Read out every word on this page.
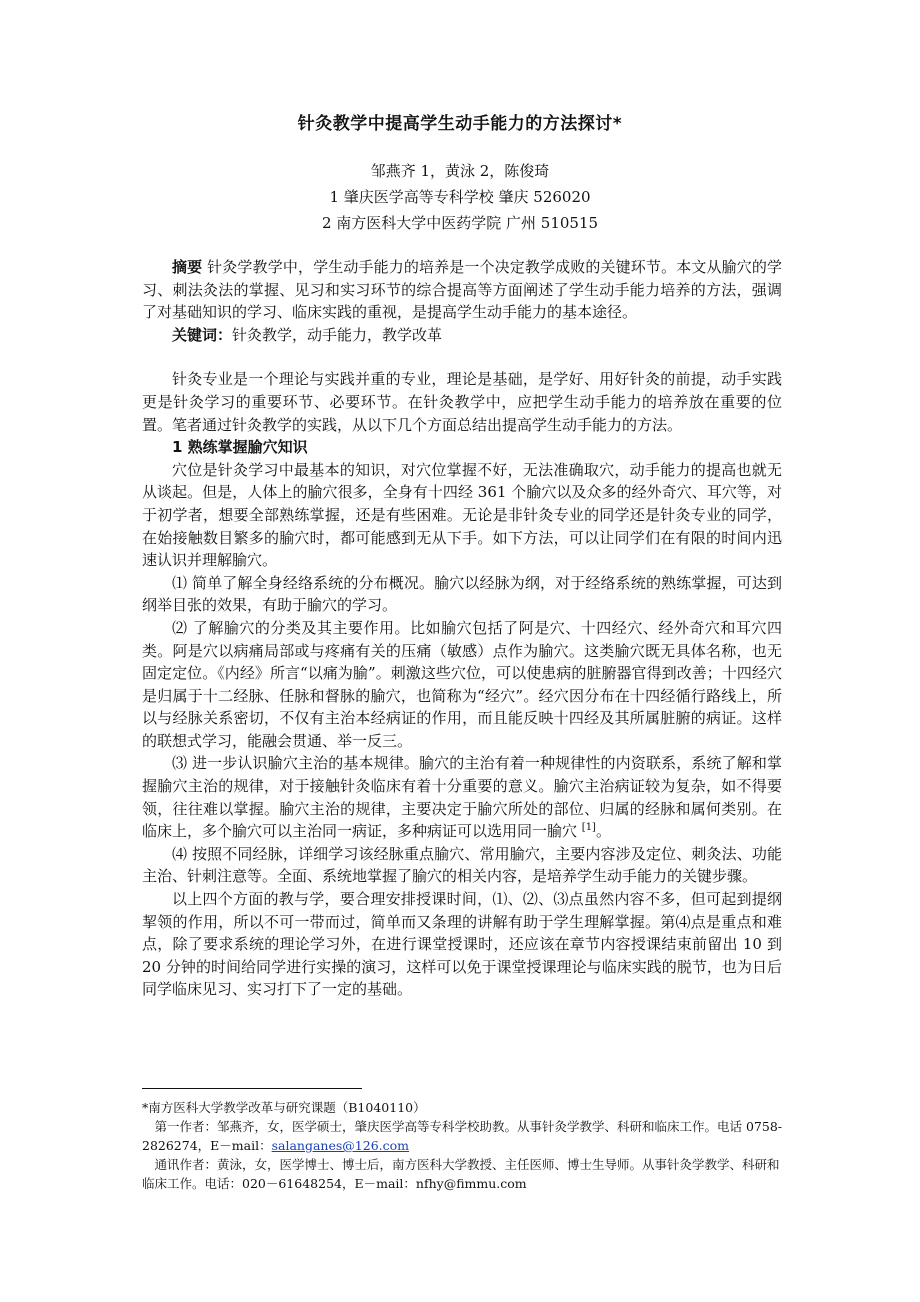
针灸教学中提高学生动手能力的方法探讨*
邹燕齐 1，黄泳 2，陈俊琦
1 肇庆医学高等专科学校 肇庆 526020
2 南方医科大学中医药学院 广州 510515

摘要 针灸学教学中，学生动手能力的培养是一个决定教学成败的关键环节。本文从腧穴的学习、刺法灸法的掌握、见习和实习环节的综合提高等方面阐述了学生动手能力培养的方法，强调了对基础知识的学习、临床实践的重视，是提高学生动手能力的基本途径。

关键词：针灸教学，动手能力，教学改革

针灸专业是一个理论与实践并重的专业，理论是基础，是学好、用好针灸的前提，动手实践更是针灸学习的重要环节、必要环节。在针灸教学中，应把学生动手能力的培养放在重要的位置。笔者通过针灸教学的实践，从以下几个方面总结出提高学生动手能力的方法。

1 熟练掌握腧穴知识

穴位是针灸学习中最基本的知识，对穴位掌握不好，无法准确取穴，动手能力的提高也就无从谈起。但是，人体上的腧穴很多，全身有十四经 361 个腧穴以及众多的经外奇穴、耳穴等，对于初学者，想要全部熟练掌握，还是有些困难。无论是非针灸专业的同学还是针灸专业的同学，在始接触数目繁多的腧穴时，都可能感到无从下手。如下方法，可以让同学们在有限的时间内迅速认识并理解腧穴。

⑴ 简单了解全身经络系统的分布概况。腧穴以经脉为纲，对于经络系统的熟练掌握，可达到纲举目张的效果，有助于腧穴的学习。

⑵ 了解腧穴的分类及其主要作用。比如腧穴包括了阿是穴、十四经穴、经外奇穴和耳穴四类。阿是穴以病痛局部或与疼痛有关的压痛（敏感）点作为腧穴。这类腧穴既无具体名称，也无固定定位。《内经》所言“以痛为腧”。刺激这些穴位，可以使患病的脏腑器官得到改善；十四经穴是归属于十二经脉、任脉和督脉的腧穴，也简称为“经穴”。经穴因分布在十四经循行路线上，所以与经脉关系密切，不仅有主治本经病证的作用，而且能反映十四经及其所属脏腑的病证。这样的联想式学习，能融会贯通、举一反三。

⑶ 进一步认识腧穴主治的基本规律。腧穴的主治有着一种规律性的内资联系，系统了解和掌握腧穴主治的规律，对于接触针灸临床有着十分重要的意义。腧穴主治病证较为复杂，如不得要领，往往难以掌握。腧穴主治的规律，主要决定于腧穴所处的部位、归属的经脉和属何类别。在临床上，多个腧穴可以主治同一病证，多种病证可以选用同一腧穴 [1]。

⑷ 按照不同经脉，详细学习该经脉重点腧穴、常用腧穴，主要内容涉及定位、刺灸法、功能主治、针刺注意等。全面、系统地掌握了腧穴的相关内容，是培养学生动手能力的关键步骤。

以上四个方面的教与学，要合理安排授课时间，⑴、⑵、⑶点虽然内容不多，但可起到提纲挈领的作用，所以不可一带而过，简单而又条理的讲解有助于学生理解掌握。第⑷点是重点和难点，除了要求系统的理论学习外，在进行课堂授课时，还应该在章节内容授课结束前留出 10 到 20 分钟的时间给同学进行实操的演习，这样可以免于课堂授课理论与临床实践的脱节，也为日后同学临床见习、实习打下了一定的基础。

*南方医科大学教学改革与研究课题（B1040110）

第一作者：邹燕齐，女，医学硕士，肇庆医学高等专科学校助教。从事针灸学教学、科研和临床工作。电话 0758-2826274，E－mail：salanganes@126.com

通讯作者：黄泳，女，医学博士、博士后，南方医科大学教授、主任医师、博士生导师。从事针灸学教学、科研和临床工作。电话：020－61648254，E－mail：nfhy@fimmu.com
